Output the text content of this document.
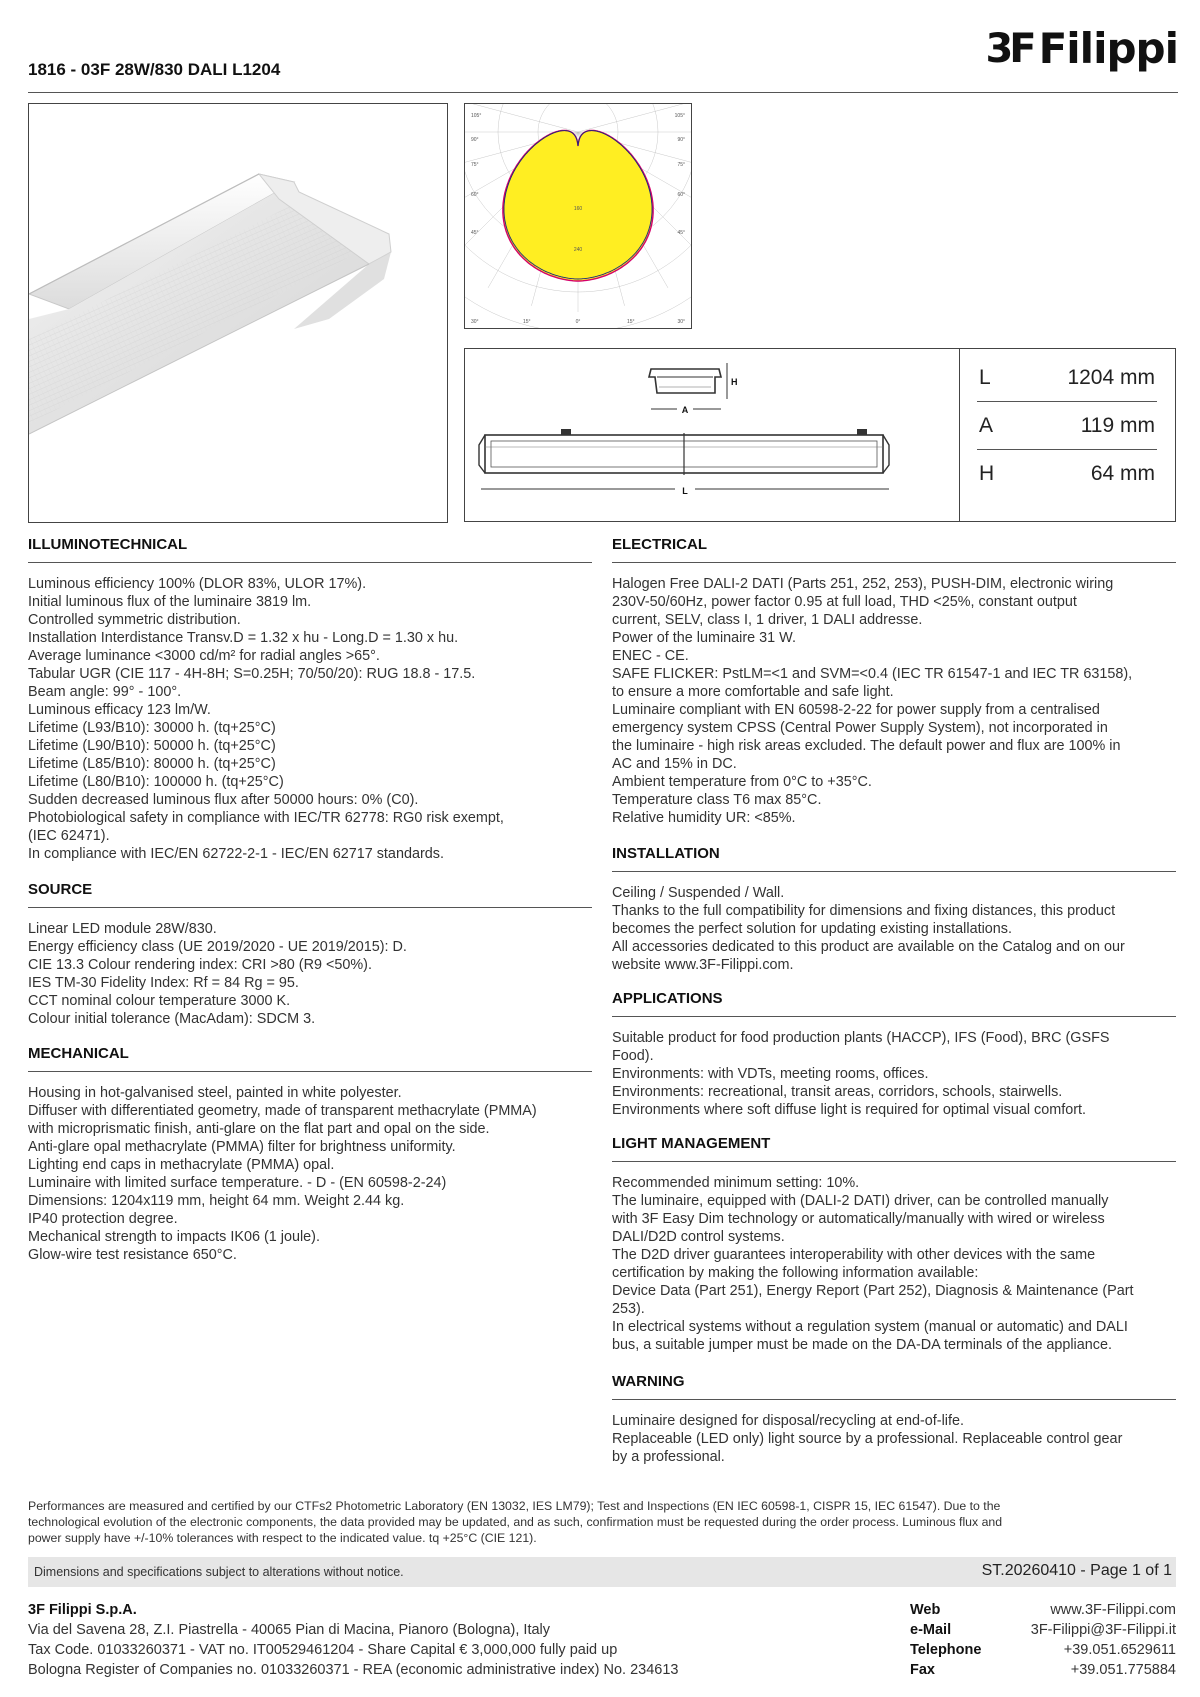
1816 - 03F 28W/830 DALI L1204	3F Filippi
105°
90°
75°
60°
45°
105°
90°
75°
60°
45°
30°	15°	0°	15°	30°
160
240
H
A
L
L	1204 mm
A	119 mm
H	64 mm
ILLUMINOTECHNICAL
Luminous efficiency 100% (DLOR 83%, ULOR 17%).
Initial luminous flux of the luminaire 3819 lm.
Controlled symmetric distribution.
Installation Interdistance Transv.D = 1.32 x hu - Long.D = 1.30 x hu.
Average luminance <3000 cd/m² for radial angles >65°.
Tabular UGR (CIE 117 - 4H-8H; S=0.25H; 70/50/20): RUG 18.8 - 17.5.
Beam angle: 99° - 100°.
Luminous efficacy 123 lm/W.
Lifetime (L93/B10): 30000 h. (tq+25°C)
Lifetime (L90/B10): 50000 h. (tq+25°C)
Lifetime (L85/B10): 80000 h. (tq+25°C)
Lifetime (L80/B10): 100000 h. (tq+25°C)
Sudden decreased luminous flux after 50000 hours: 0% (C0).
Photobiological safety in compliance with IEC/TR 62778: RG0 risk exempt,
(IEC 62471).
In compliance with IEC/EN 62722-2-1 - IEC/EN 62717 standards.
SOURCE
Linear LED module 28W/830.
Energy efficiency class (UE 2019/2020 - UE 2019/2015): D.
CIE 13.3 Colour rendering index: CRI >80 (R9 <50%).
IES TM-30 Fidelity Index: Rf = 84 Rg = 95.
CCT nominal colour temperature 3000 K.
Colour initial tolerance (MacAdam): SDCM 3.
MECHANICAL
Housing in hot-galvanised steel, painted in white polyester.
Diffuser with differentiated geometry, made of transparent methacrylate (PMMA)
with microprismatic finish, anti-glare on the flat part and opal on the side.
Anti-glare opal methacrylate (PMMA) filter for brightness uniformity.
Lighting end caps in methacrylate (PMMA) opal.
Luminaire with limited surface temperature. - D - (EN 60598-2-24)
Dimensions: 1204x119 mm, height 64 mm. Weight 2.44 kg.
IP40 protection degree.
Mechanical strength to impacts IK06 (1 joule).
Glow-wire test resistance 650°C.
ELECTRICAL
Halogen Free DALI-2 DATI (Parts 251, 252, 253), PUSH-DIM, electronic wiring
230V-50/60Hz, power factor 0.95 at full load, THD <25%, constant output
current, SELV, class I, 1 driver, 1 DALI addresse.
Power of the luminaire 31 W.
ENEC - CE.
SAFE FLICKER: PstLM=<1 and SVM=<0.4 (IEC TR 61547-1 and IEC TR 63158),
to ensure a more comfortable and safe light.
Luminaire compliant with EN 60598-2-22 for power supply from a centralised
emergency system CPSS (Central Power Supply System), not incorporated in
the luminaire - high risk areas excluded. The default power and flux are 100% in
AC and 15% in DC.
Ambient temperature from 0°C to +35°C.
Temperature class T6 max 85°C.
Relative humidity UR: <85%.
INSTALLATION
Ceiling / Suspended / Wall.
Thanks to the full compatibility for dimensions and fixing distances, this product
becomes the perfect solution for updating existing installations.
All accessories dedicated to this product are available on the Catalog and on our
website www.3F-Filippi.com.
APPLICATIONS
Suitable product for food production plants (HACCP), IFS (Food), BRC (GSFS
Food).
Environments: with VDTs, meeting rooms, offices.
Environments: recreational, transit areas, corridors, schools, stairwells.
Environments where soft diffuse light is required for optimal visual comfort.
LIGHT MANAGEMENT
Recommended minimum setting: 10%.
The luminaire, equipped with (DALI-2 DATI) driver, can be controlled manually
with 3F Easy Dim technology or automatically/manually with wired or wireless
DALI/D2D control systems.
The D2D driver guarantees interoperability with other devices with the same
certification by making the following information available:
Device Data (Part 251), Energy Report (Part 252), Diagnosis & Maintenance (Part
253).
In electrical systems without a regulation system (manual or automatic) and DALI
bus, a suitable jumper must be made on the DA-DA terminals of the appliance.
WARNING
Luminaire designed for disposal/recycling at end-of-life.
Replaceable (LED only) light source by a professional. Replaceable control gear
by a professional.
Performances are measured and certified by our CTFs2 Photometric Laboratory (EN 13032, IES LM79); Test and Inspections (EN IEC 60598-1, CISPR 15, IEC 61547). Due to the
technological evolution of the electronic components, the data provided may be updated, and as such, confirmation must be requested during the order process. Luminous flux and
power supply have +/-10% tolerances with respect to the indicated value. tq +25°C (CIE 121).
Dimensions and specifications subject to alterations without notice.	ST.20260410 - Page 1 of 1
3F Filippi S.p.A.
Via del Savena 28, Z.I. Piastrella - 40065 Pian di Macina, Pianoro (Bologna), Italy
Tax Code. 01033260371 - VAT no. IT00529461204 - Share Capital € 3,000,000 fully paid up
Bologna Register of Companies no. 01033260371 - REA (economic administrative index) No. 234613
Web	www.3F-Filippi.com
e-Mail	3F-Filippi@3F-Filippi.it
Telephone	+39.051.6529611
Fax	+39.051.775884
